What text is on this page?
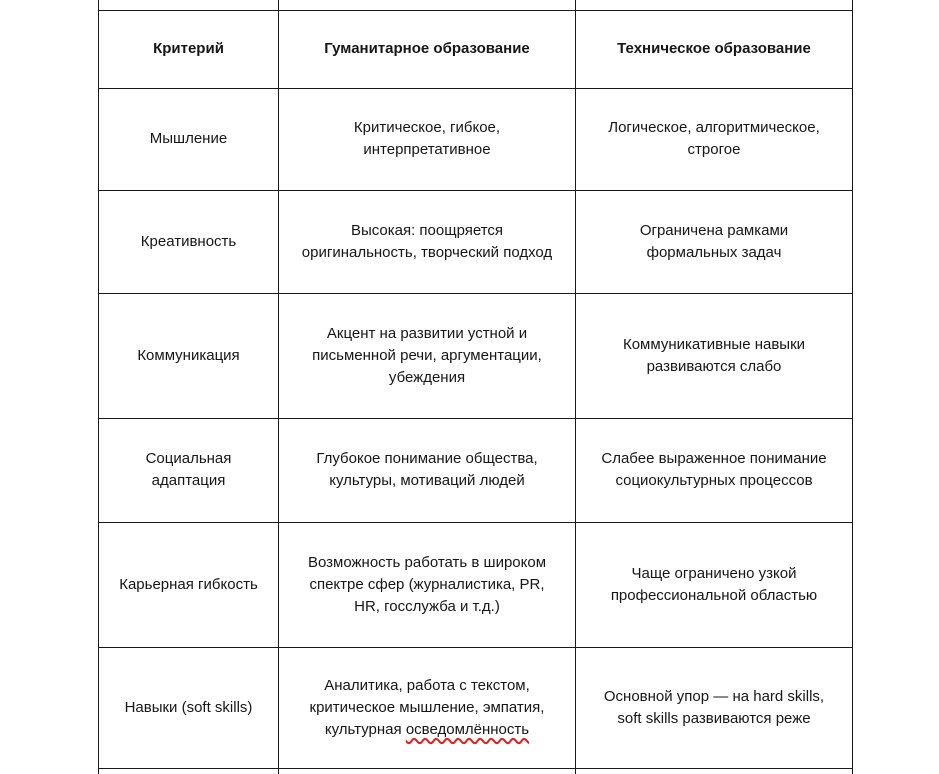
Критерий	Гуманитарное образование	Техническое образование
Мышление	Критическое, гибкое, интерпретативное	Логическое, алгоритмическое, строгое
Креативность	Высокая: поощряется оригинальность, творческий подход	Ограничена рамками формальных задач
Коммуникация	Акцент на развитии устной и письменной речи, аргументации, убеждения	Коммуникативные навыки развиваются слабо
Социальная адаптация	Глубокое понимание общества, культуры, мотиваций людей	Слабее выраженное понимание социокультурных процессов
Карьерная гибкость	Возможность работать в широком спектре сфер (журналистика, PR, HR, госслужба и т.д.)	Чаще ограничено узкой профессиональной областью
Навыки (soft skills)	Аналитика, работа с текстом, критическое мышление, эмпатия, культурная осведомлённость	Основной упор — на hard skills, soft skills развиваются реже
